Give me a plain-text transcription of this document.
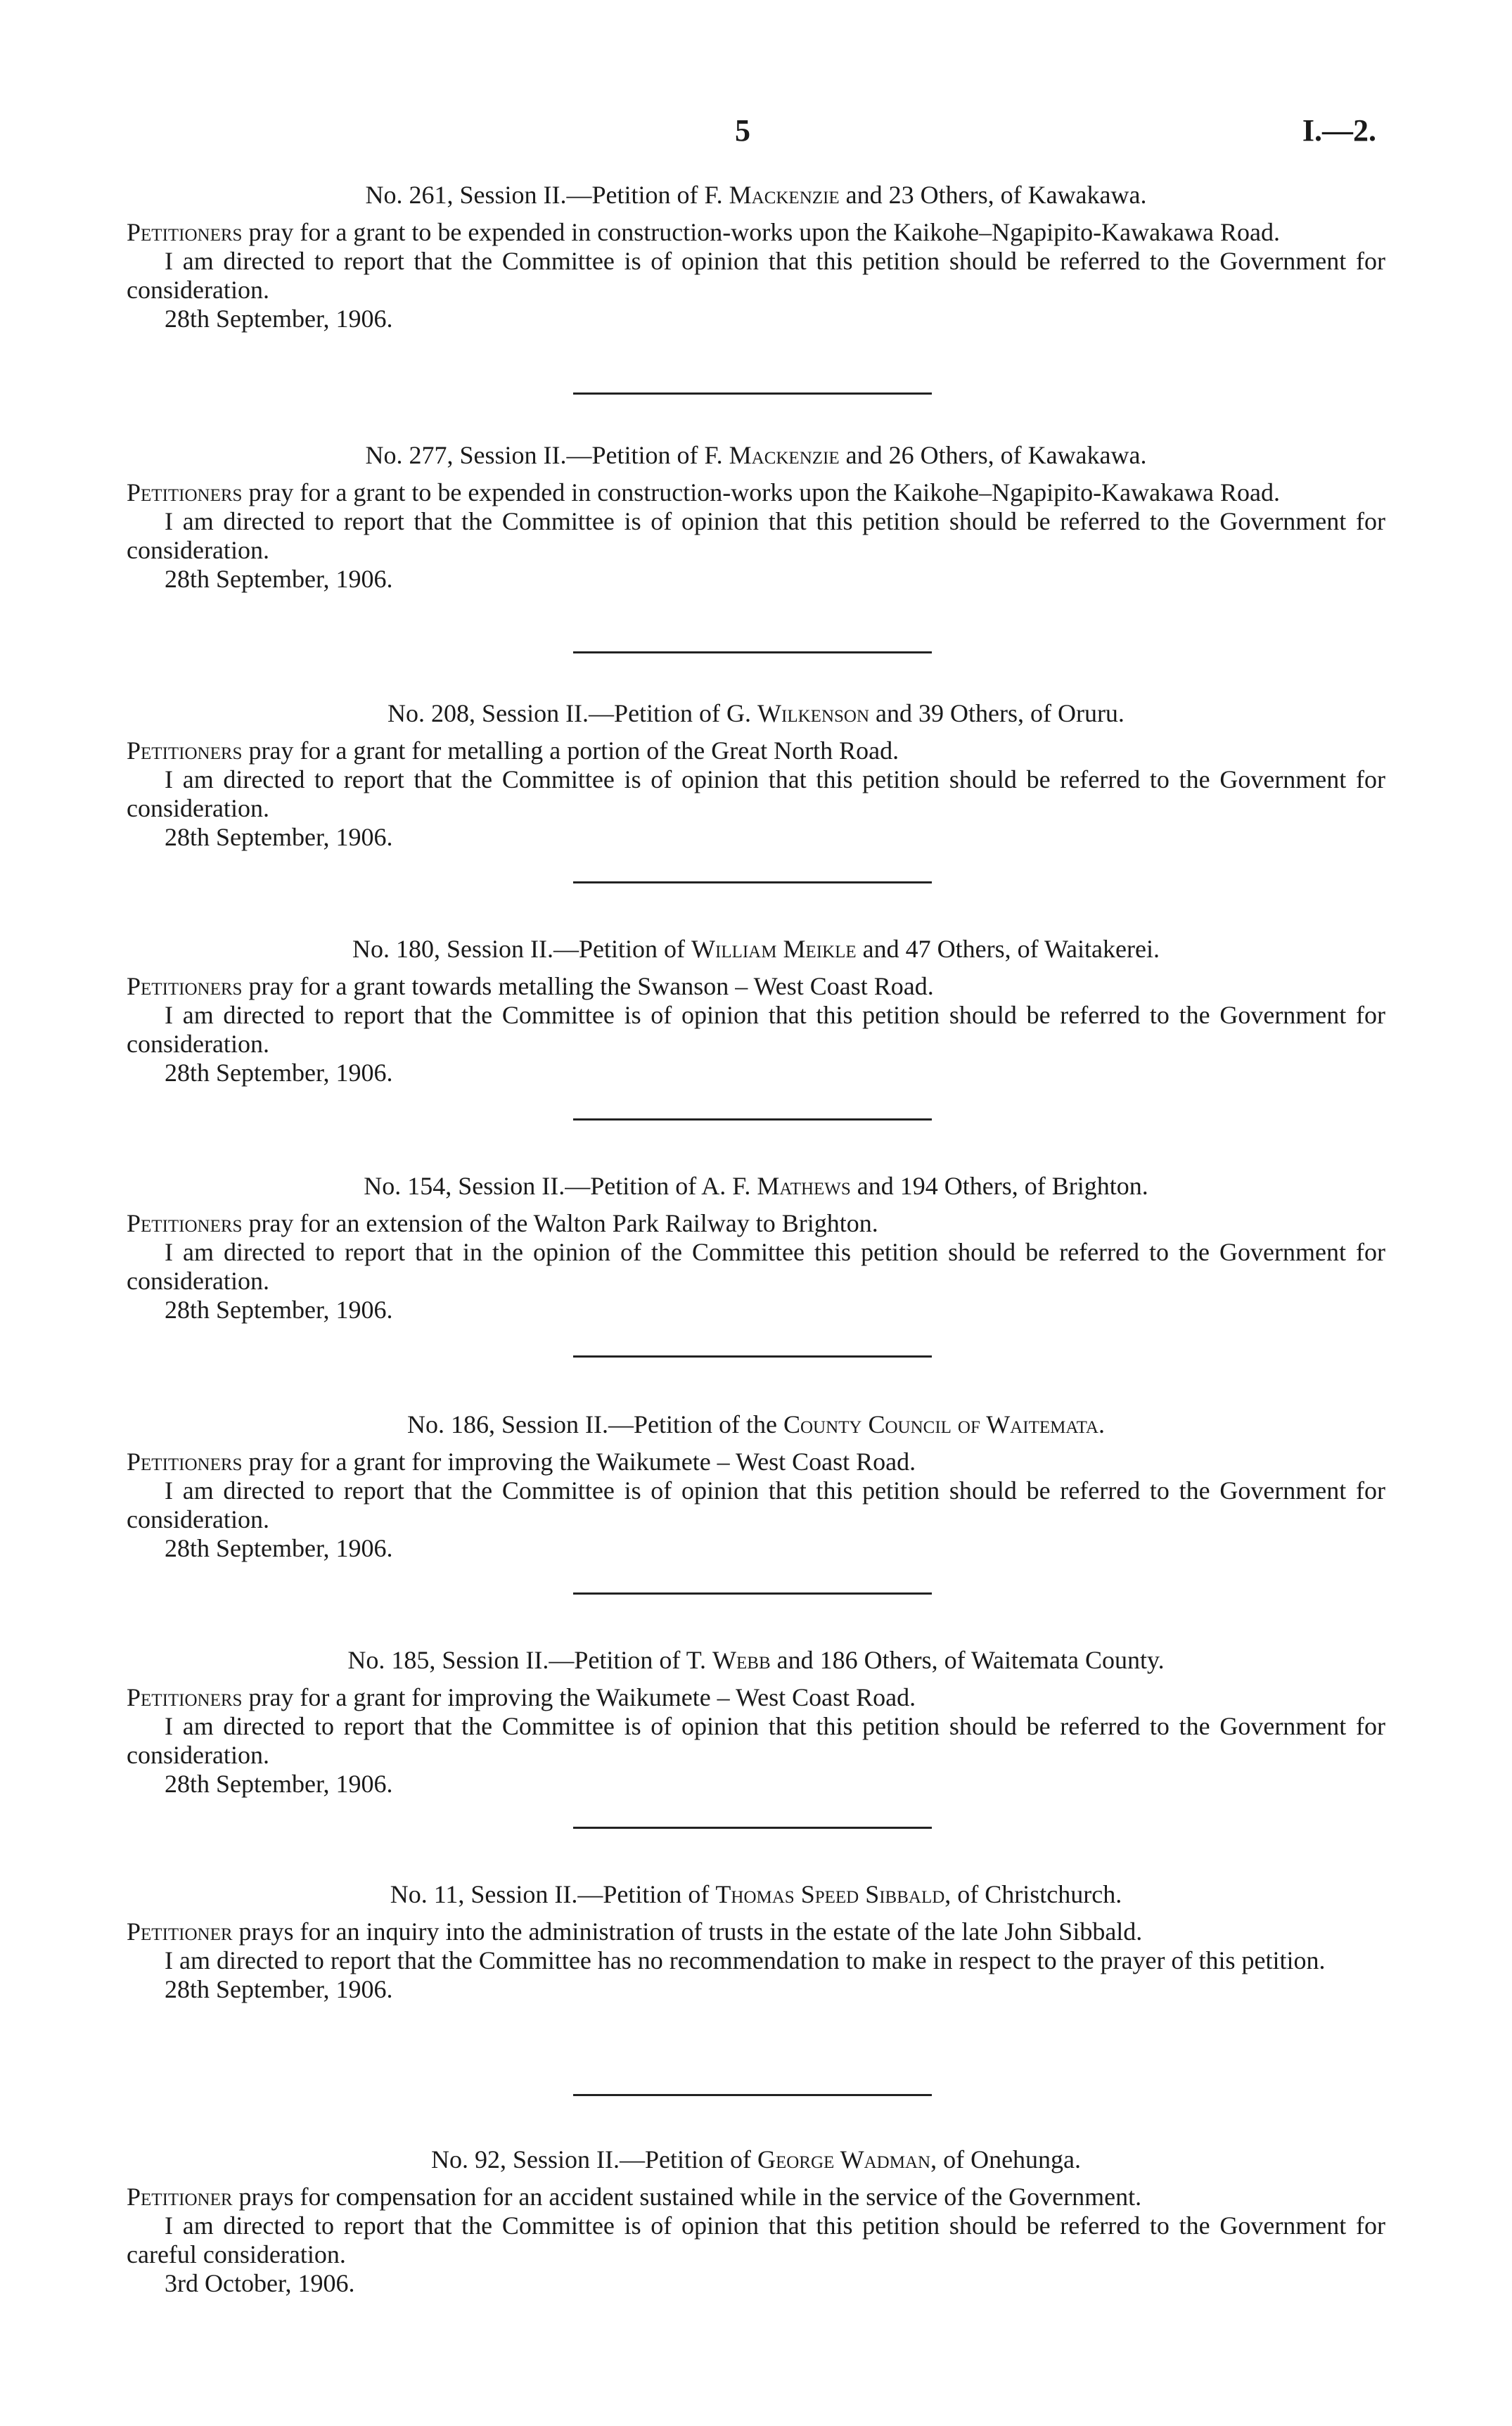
5	I.—2.

No. 261, Session II.—Petition of F. Mackenzie and 23 Others, of Kawakawa.

Petitioners pray for a grant to be expended in construction-works upon the Kaikohe–Ngapipito-Kawakawa Road.

I am directed to report that the Committee is of opinion that this petition should be referred to the Government for consideration.

28th September, 1906.

No. 277, Session II.—Petition of F. Mackenzie and 26 Others, of Kawakawa.

Petitioners pray for a grant to be expended in construction-works upon the Kaikohe–Ngapipito-Kawakawa Road.

I am directed to report that the Committee is of opinion that this petition should be referred to the Government for consideration.

28th September, 1906.

No. 208, Session II.—Petition of G. Wilkenson and 39 Others, of Oruru.

Petitioners pray for a grant for metalling a portion of the Great North Road.

I am directed to report that the Committee is of opinion that this petition should be referred to the Government for consideration.

28th September, 1906.

No. 180, Session II.—Petition of William Meikle and 47 Others, of Waitakerei.

Petitioners pray for a grant towards metalling the Swanson – West Coast Road.

I am directed to report that the Committee is of opinion that this petition should be referred to the Government for consideration.

28th September, 1906.

No. 154, Session II.—Petition of A. F. Mathews and 194 Others, of Brighton.

Petitioners pray for an extension of the Walton Park Railway to Brighton.

I am directed to report that in the opinion of the Committee this petition should be referred to the Government for consideration.

28th September, 1906.

No. 186, Session II.—Petition of the County Council of Waitemata.

Petitioners pray for a grant for improving the Waikumete – West Coast Road.

I am directed to report that the Committee is of opinion that this petition should be referred to the Government for consideration.

28th September, 1906.

No. 185, Session II.—Petition of T. Webb and 186 Others, of Waitemata County.

Petitioners pray for a grant for improving the Waikumete – West Coast Road.

I am directed to report that the Committee is of opinion that this petition should be referred to the Government for consideration.

28th September, 1906.

No. 11, Session II.—Petition of Thomas Speed Sibbald, of Christchurch.

Petitioner prays for an inquiry into the administration of trusts in the estate of the late John Sibbald.

I am directed to report that the Committee has no recommendation to make in respect to the prayer of this petition.

28th September, 1906.

No. 92, Session II.—Petition of George Wadman, of Onehunga.

Petitioner prays for compensation for an accident sustained while in the service of the Government.

I am directed to report that the Committee is of opinion that this petition should be referred to the Government for careful consideration.

3rd October, 1906.
